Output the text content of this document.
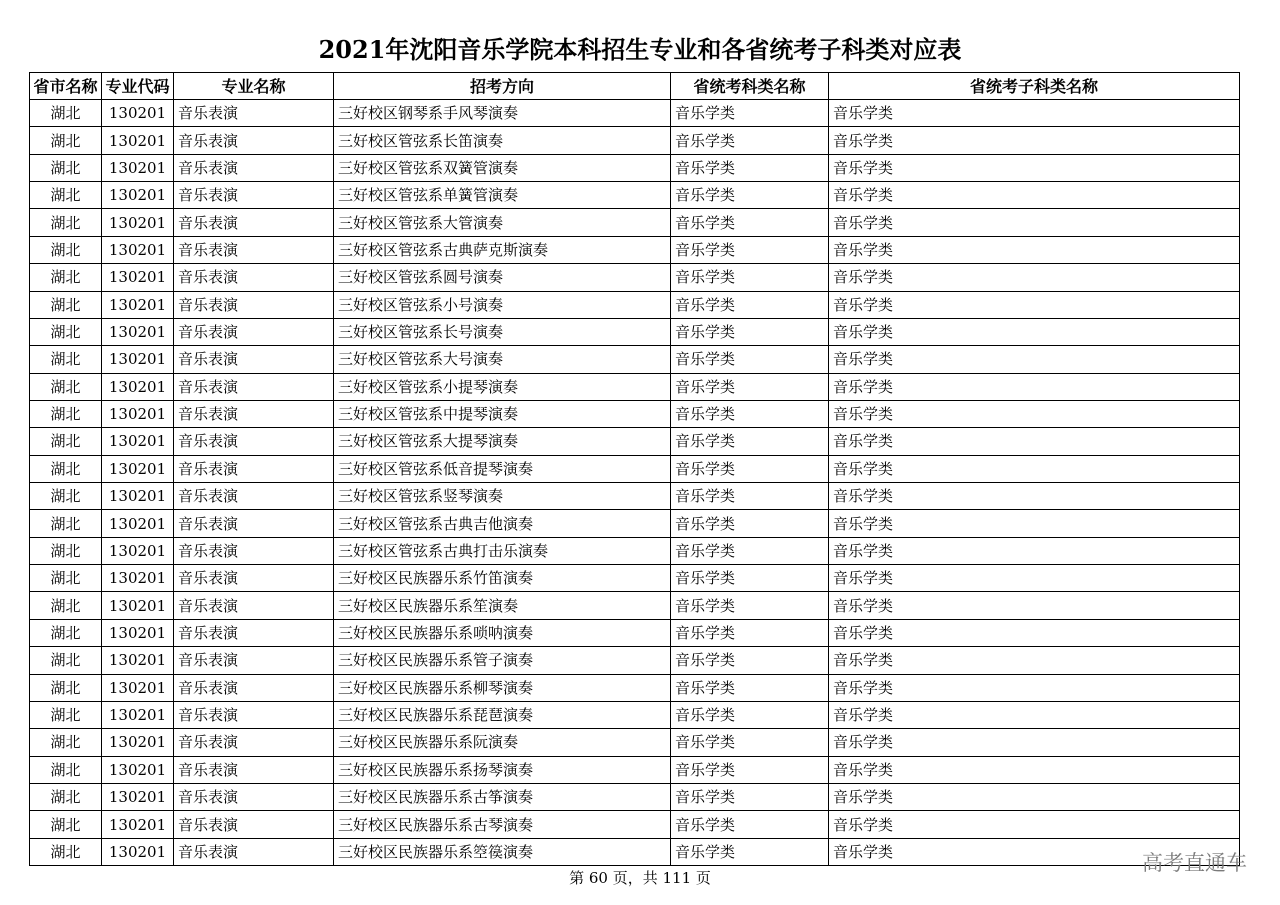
2021年沈阳音乐学院本科招生专业和各省统考子科类对应表
省市名称	专业代码	专业名称	招考方向	省统考科类名称	省统考子科类名称
湖北	130201	音乐表演	三好校区钢琴系手风琴演奏	音乐学类	音乐学类
湖北	130201	音乐表演	三好校区管弦系长笛演奏	音乐学类	音乐学类
湖北	130201	音乐表演	三好校区管弦系双簧管演奏	音乐学类	音乐学类
湖北	130201	音乐表演	三好校区管弦系单簧管演奏	音乐学类	音乐学类
湖北	130201	音乐表演	三好校区管弦系大管演奏	音乐学类	音乐学类
湖北	130201	音乐表演	三好校区管弦系古典萨克斯演奏	音乐学类	音乐学类
湖北	130201	音乐表演	三好校区管弦系圆号演奏	音乐学类	音乐学类
湖北	130201	音乐表演	三好校区管弦系小号演奏	音乐学类	音乐学类
湖北	130201	音乐表演	三好校区管弦系长号演奏	音乐学类	音乐学类
湖北	130201	音乐表演	三好校区管弦系大号演奏	音乐学类	音乐学类
湖北	130201	音乐表演	三好校区管弦系小提琴演奏	音乐学类	音乐学类
湖北	130201	音乐表演	三好校区管弦系中提琴演奏	音乐学类	音乐学类
湖北	130201	音乐表演	三好校区管弦系大提琴演奏	音乐学类	音乐学类
湖北	130201	音乐表演	三好校区管弦系低音提琴演奏	音乐学类	音乐学类
湖北	130201	音乐表演	三好校区管弦系竖琴演奏	音乐学类	音乐学类
湖北	130201	音乐表演	三好校区管弦系古典吉他演奏	音乐学类	音乐学类
湖北	130201	音乐表演	三好校区管弦系古典打击乐演奏	音乐学类	音乐学类
湖北	130201	音乐表演	三好校区民族器乐系竹笛演奏	音乐学类	音乐学类
湖北	130201	音乐表演	三好校区民族器乐系笙演奏	音乐学类	音乐学类
湖北	130201	音乐表演	三好校区民族器乐系唢呐演奏	音乐学类	音乐学类
湖北	130201	音乐表演	三好校区民族器乐系管子演奏	音乐学类	音乐学类
湖北	130201	音乐表演	三好校区民族器乐系柳琴演奏	音乐学类	音乐学类
湖北	130201	音乐表演	三好校区民族器乐系琵琶演奏	音乐学类	音乐学类
湖北	130201	音乐表演	三好校区民族器乐系阮演奏	音乐学类	音乐学类
湖北	130201	音乐表演	三好校区民族器乐系扬琴演奏	音乐学类	音乐学类
湖北	130201	音乐表演	三好校区民族器乐系古筝演奏	音乐学类	音乐学类
湖北	130201	音乐表演	三好校区民族器乐系古琴演奏	音乐学类	音乐学类
湖北	130201	音乐表演	三好校区民族器乐系箜篌演奏	音乐学类	音乐学类
第 60 页，共 111 页
高考直通车
